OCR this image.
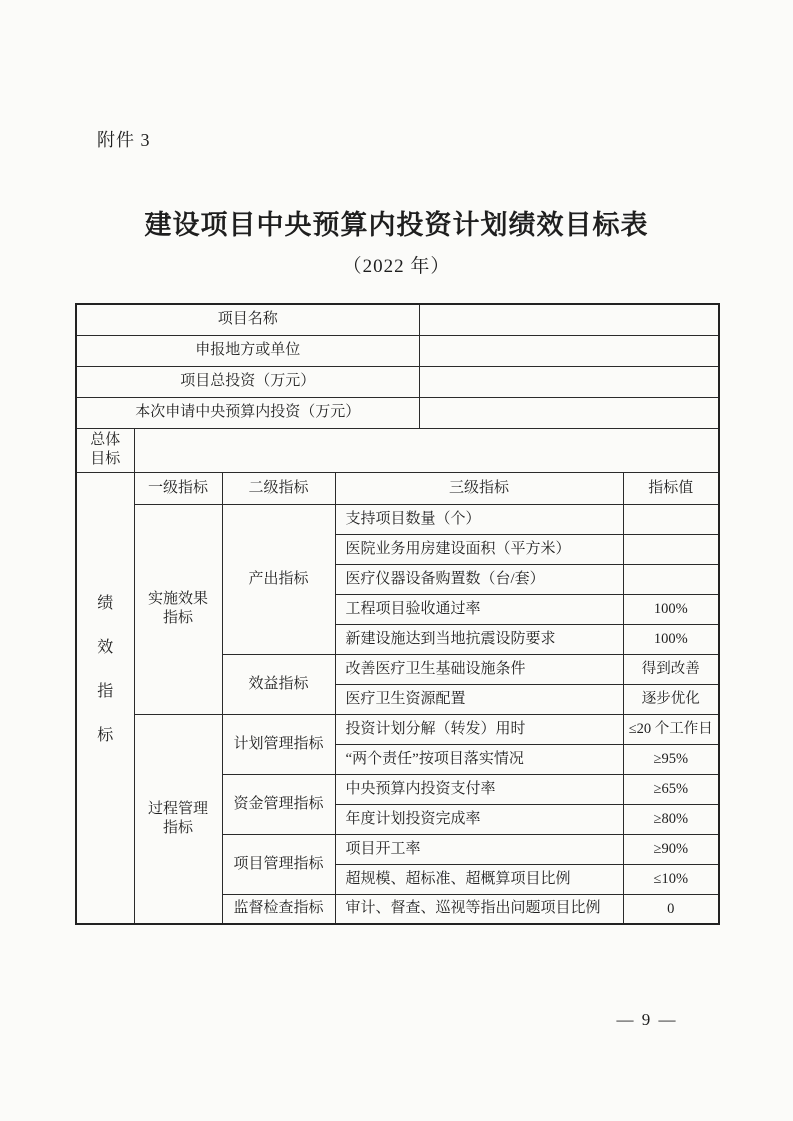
附件 3
建设项目中央预算内投资计划绩效目标表
（2022 年）
项目名称					
申报地方或单位					
项目总投资（万元）					
本次申请中央预算内投资（万元）					
总体目标					

绩
效
指
标	一级指标	二级指标	三级指标		指标值
	实施效果指标	产出指标	支持项目数量（个）		
			医院业务用房建设面积（平方米）		
			医疗仪器设备购置数（台/套）		
			工程项目验收通过率		100%
			新建设施达到当地抗震设防要求		100%
		效益指标	改善医疗卫生基础设施条件		得到改善
			医疗卫生资源配置		逐步优化
	过程管理指标	计划管理指标	投资计划分解（转发）用时		≤20 个工作日
			“两个责任”按项目落实情况		≥95%
		资金管理指标	中央预算内投资支付率		≥65%
			年度计划投资完成率		≥80%
		项目管理指标	项目开工率		≥90%
			超规模、超标准、超概算项目比例		≤10%
		监督检查指标	审计、督查、巡视等指出问题项目比例		0
— 9 —
